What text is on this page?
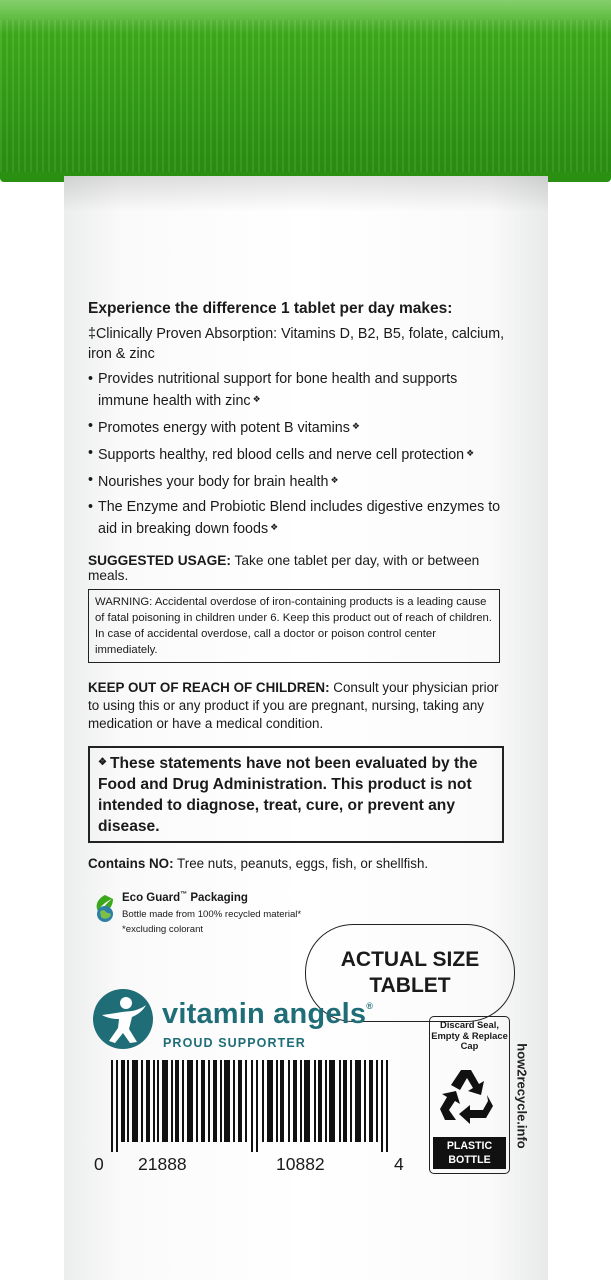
Experience the difference 1 tablet per day makes:
‡Clinically Proven Absorption: Vitamins D, B2, B5, folate, calcium, iron & zinc
• Provides nutritional support for bone health and supports immune health with zinc ❖
• Promotes energy with potent B vitamins ❖
• Supports healthy, red blood cells and nerve cell protection ❖
• Nourishes your body for brain health ❖
• The Enzyme and Probiotic Blend includes digestive enzymes to aid in breaking down foods ❖
SUGGESTED USAGE: Take one tablet per day, with or between meals.
WARNING: Accidental overdose of iron-containing products is a leading cause of fatal poisoning in children under 6. Keep this product out of reach of children. In case of accidental overdose, call a doctor or poison control center immediately.
KEEP OUT OF REACH OF CHILDREN: Consult your physician prior to using this or any product if you are pregnant, nursing, taking any medication or have a medical condition.
❖ These statements have not been evaluated by the Food and Drug Administration. This product is not intended to diagnose, treat, cure, or prevent any disease.
Contains NO: Tree nuts, peanuts, eggs, fish, or shellfish.
Eco Guard™ Packaging
Bottle made from 100% recycled material*
*excluding colorant
ACTUAL SIZE
TABLET
vitamin angels®
PROUD SUPPORTER
0 21888	10882	4
Discard Seal, Empty & Replace Cap
PLASTIC
BOTTLE
how2recycle.info
